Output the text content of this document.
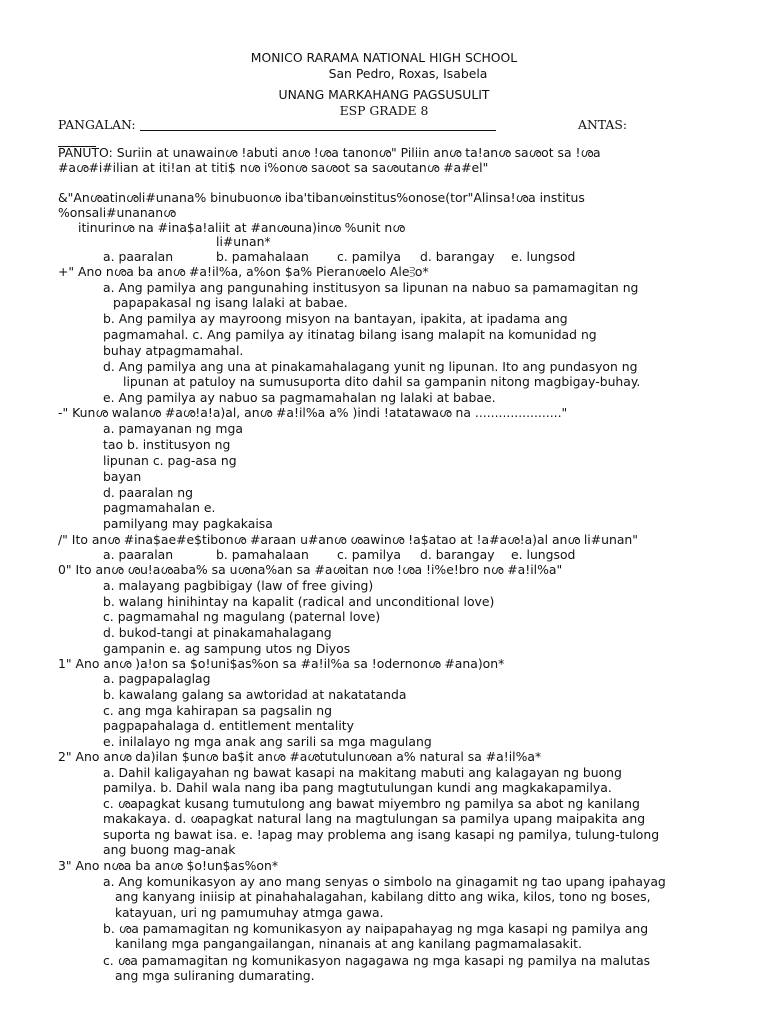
MONICO RARAMA NATIONAL HIGH SCHOOL
San Pedro, Roxas, Isabela
UNANG MARKAHANG PAGSUSULIT
ESP GRADE 8
PANGALAN:	ANTAS:
PANUTO: Suriin at unawainശ !abuti anശ !ശa tanonശ" Piliin anശ ta!anശ saശot sa !ശa
#aശ#i#ilian at iti!an at titi$ nശ i%onശ saശot sa saശutanശ #a#el"
&"Anശatinശli#unana% binubuonശ iba'tibanശinstitus%onose(tor"Alinsa!ശa institus
%onsali#unananശ
itinurinശ na #ina$a!aliit at #anശuna)inശ %unit nശ
li#unan*
a. paaralan	b. pamahalaan c. pamilya d. barangay e. lungsod
+" Ano nശa ba anശ #a!il%a, a%on $a% Pieranശelo Ale⫖o*
a. Ang pamilya ang pangunahing institusyon sa lipunan na nabuo sa pamamagitan ng
papapakasal ng isang lalaki at babae.
b. Ang pamilya ay mayroong misyon na bantayan, ipakita, at ipadama ang
pagmamahal. c. Ang pamilya ay itinatag bilang isang malapit na komunidad ng
buhay atpagmamahal.
d. Ang pamilya ang una at pinakamahalagang yunit ng lipunan. Ito ang pundasyon ng
lipunan at patuloy na sumusuporta dito dahil sa gampanin nitong magbigay-buhay.
e. Ang pamilya ay nabuo sa pagmamahalan ng lalaki at babae.
-" Kunശ walanശ #aശ!a!a)al, anശ #a!il%a a% )indi !atatawaശ na ......................"
a. pamayanan ng mga
tao b. institusyon ng
lipunan c. pag-asa ng
bayan
d. paaralan ng
pagmamahalan e.
pamilyang may pagkakaisa
/" Ito anശ #ina$ae#e$tibonശ #araan u#anശ ശawinശ !a$atao at !a#aശ!a)al anശ li#unan"
a. paaralan	b. pamahalaan c. pamilya d. barangay e. lungsod
0" Ito anശ ശu!aശaba% sa uശna%an sa #aശitan nശ !ശa !i%e!bro nശ #a!il%a"
a. malayang pagbibigay (law of free giving)
b. walang hinihintay na kapalit (radical and unconditional love)
c. pagmamahal ng magulang (paternal love)
d. bukod-tangi at pinakamahalagang
gampanin e. ag sampung utos ng Diyos
1" Ano anശ )a!on sa $o!uni$as%on sa #a!il%a sa !odernonശ #ana)on*
a. pagpapalaglag
b. kawalang galang sa awtoridad at nakatatanda
c. ang mga kahirapan sa pagsalin ng
pagpapahalaga d. entitlement mentality
e. inilalayo ng mga anak ang sarili sa mga magulang
2" Ano anശ da)ilan $unശ ba$it anശ #aശtutulunശan a% natural sa #a!il%a*
a. Dahil kaligayahan ng bawat kasapi na makitang mabuti ang kalagayan ng buong
pamilya. b. Dahil wala nang iba pang magtutulungan kundi ang magkakapamilya.
c. ശapagkat kusang tumutulong ang bawat miyembro ng pamilya sa abot ng kanilang
makakaya. d. ശapagkat natural lang na magtulungan sa pamilya upang maipakita ang
suporta ng bawat isa. e. !apag may problema ang isang kasapi ng pamilya, tulung-tulong
ang buong mag-anak
3" Ano nശa ba anശ $o!un$as%on*
a. Ang komunikasyon ay ano mang senyas o simbolo na ginagamit ng tao upang ipahayag
ang kanyang iniisip at pinahahalagahan, kabilang ditto ang wika, kilos, tono ng boses,
katayuan, uri ng pamumuhay atmga gawa.
b. ശa pamamagitan ng komunikasyon ay naipapahayag ng mga kasapi ng pamilya ang
kanilang mga pangangailangan, ninanais at ang kanilang pagmamalasakit.
c. ശa pamamagitan ng komunikasyon nagagawa ng mga kasapi ng pamilya na malutas
ang mga suliraning dumarating.
